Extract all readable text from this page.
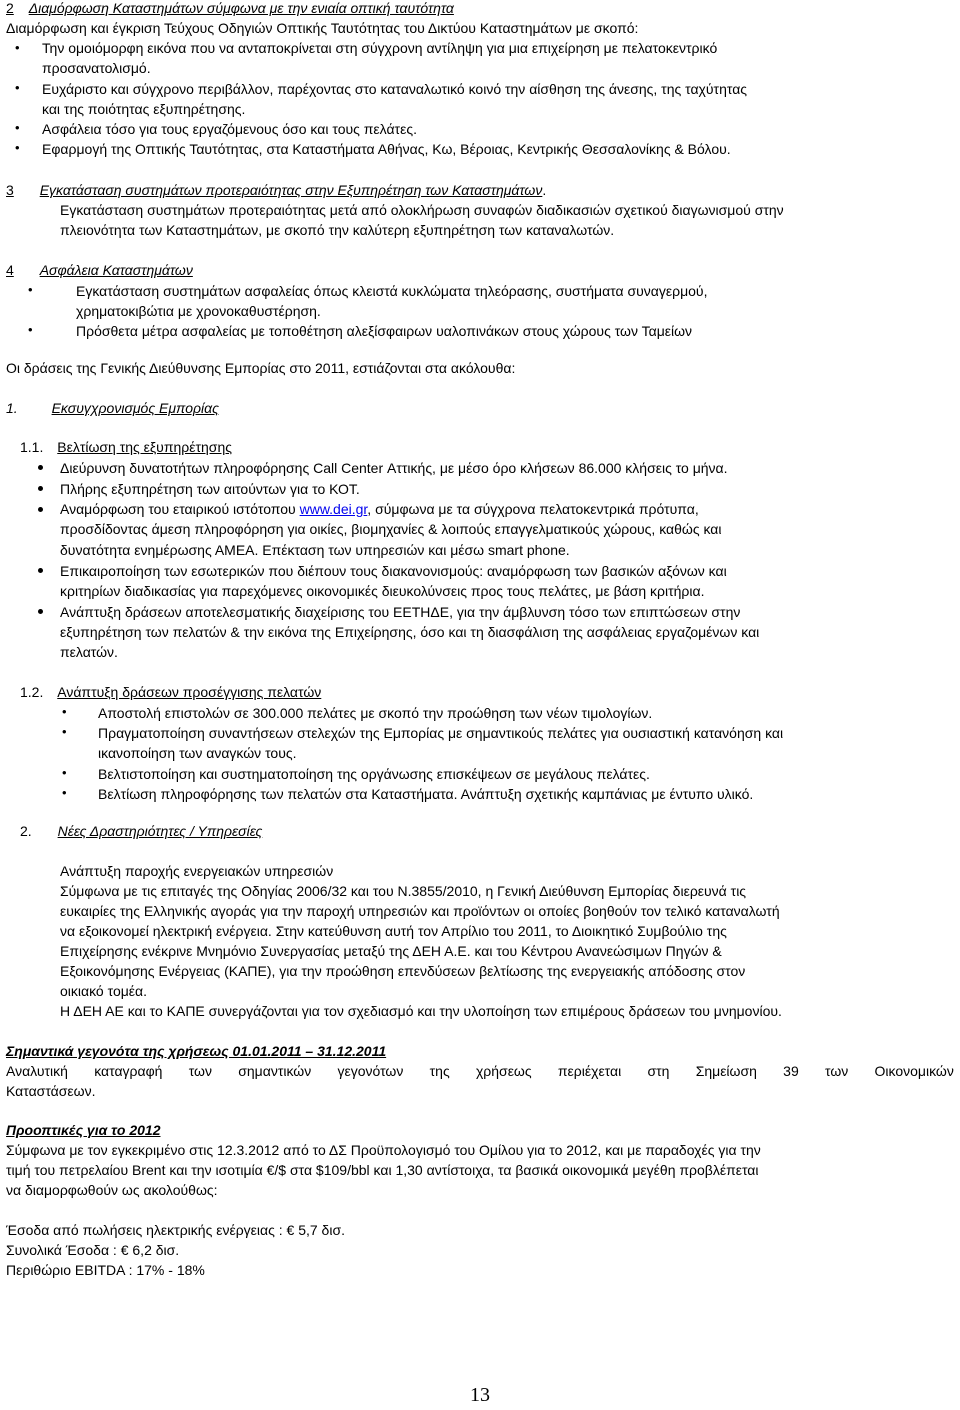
2 Διαμόρφωση Καταστημάτων σύμφωνα με την ενιαία οπτική ταυτότητα
Διαμόρφωση και έγκριση Τεύχους Οδηγιών Οπτικής Ταυτότητας του Δικτύου Καταστημάτων με σκοπό:
• Την ομοιόμορφη εικόνα που να ανταποκρίνεται στη σύγχρονη αντίληψη για μια επιχείρηση με πελατοκεντρικό
προσανατολισμό.
• Ευχάριστο και σύγχρονο περιβάλλον, παρέχοντας στο καταναλωτικό κοινό την αίσθηση της άνεσης, της ταχύτητας
και της ποιότητας εξυπηρέτησης.
• Ασφάλεια τόσο για τους εργαζόμενους όσο και τους πελάτες.
• Εφαρμογή της Οπτικής Ταυτότητας, στα Καταστήματα Αθήνας, Κω, Βέροιας, Κεντρικής Θεσσαλονίκης & Βόλου.
3 Εγκατάσταση συστημάτων προτεραιότητας στην Εξυπηρέτηση των Καταστημάτων.
Εγκατάσταση συστημάτων προτεραιότητας μετά από ολοκλήρωση συναφών διαδικασιών σχετικού διαγωνισμού στην
πλειονότητα των Καταστημάτων, με σκοπό την καλύτερη εξυπηρέτηση των καταναλωτών.
4 Ασφάλεια Καταστημάτων
•	Εγκατάσταση συστημάτων ασφαλείας όπως κλειστά κυκλώματα τηλεόρασης, συστήματα συναγερμού,
χρηματοκιβώτια με χρονοκαθυστέρηση.
•	Πρόσθετα μέτρα ασφαλείας με τοποθέτηση αλεξίσφαιρων υαλοπινάκων στους χώρους των Ταμείων
Οι δράσεις της Γενικής Διεύθυνσης Εμπορίας στο 2011, εστιάζονται στα ακόλουθα:
1. Εκσυγχρονισμός Εμπορίας
1.1. Βελτίωση της εξυπηρέτησης
Διεύρυνση δυνατοτήτων πληροφόρησης Call Center Αττικής, με μέσο όρο κλήσεων 86.000 κλήσεις το μήνα.
Πλήρης εξυπηρέτηση των αιτούντων για το ΚΟΤ.
Αναμόρφωση του εταιρικού ιστότοπου www.dei.gr, σύμφωνα με τα σύγχρονα πελατοκεντρικά πρότυπα,
προσδίδοντας άμεση πληροφόρηση για οικίες, βιομηχανίες & λοιπούς επαγγελματικούς χώρους, καθώς και
δυνατότητα ενημέρωσης ΑΜΕΑ. Επέκταση των υπηρεσιών και μέσω smart phone.
Επικαιροποίηση των εσωτερικών που διέπουν τους διακανονισμούς: αναμόρφωση των βασικών αξόνων και
κριτηρίων διαδικασίας για παρεχόμενες οικονομικές διευκολύνσεις προς τους πελάτες, με βάση κριτήρια.
Ανάπτυξη δράσεων αποτελεσματικής διαχείρισης του ΕΕΤΗΔΕ, για την άμβλυνση τόσο των επιπτώσεων στην
εξυπηρέτηση των πελατών & την εικόνα της Επιχείρησης, όσο και τη διασφάλιση της ασφάλειας εργαζομένων και
πελατών.
1.2. Ανάπτυξη δράσεων προσέγγισης πελατών
• Αποστολή επιστολών σε 300.000 πελάτες με σκοπό την προώθηση των νέων τιμολογίων.
• Πραγματοποίηση συναντήσεων στελεχών της Εμπορίας με σημαντικούς πελάτες για ουσιαστική κατανόηση και
ικανοποίηση των αναγκών τους.
• Βελτιστοποίηση και συστηματοποίηση της οργάνωσης επισκέψεων σε μεγάλους πελάτες.
• Βελτίωση πληροφόρησης των πελατών στα Καταστήματα. Ανάπτυξη σχετικής καμπάνιας με έντυπο υλικό.
2. Νέες Δραστηριότητες / Υπηρεσίες
Ανάπτυξη παροχής ενεργειακών υπηρεσιών
Σύμφωνα με τις επιταγές της Οδηγίας 2006/32 και του Ν.3855/2010, η Γενική Διεύθυνση Εμπορίας διερευνά τις
ευκαιρίες της Ελληνικής αγοράς για την παροχή υπηρεσιών και προϊόντων οι οποίες βοηθούν τον τελικό καταναλωτή
να εξοικονομεί ηλεκτρική ενέργεια. Στην κατεύθυνση αυτή τον Απρίλιο του 2011, το Διοικητικό Συμβούλιο της
Επιχείρησης ενέκρινε Μνημόνιο Συνεργασίας μεταξύ της ΔΕΗ Α.Ε. και του Κέντρου Ανανεώσιμων Πηγών &
Εξοικονόμησης Ενέργειας (ΚΑΠΕ), για την προώθηση επενδύσεων βελτίωσης της ενεργειακής απόδοσης στον
οικιακό τομέα.
Η ΔΕΗ ΑΕ και το ΚΑΠΕ συνεργάζονται για τον σχεδιασμό και την υλοποίηση των επιμέρους δράσεων του μνημονίου.
Σημαντικά γεγονότα της χρήσεως 01.01.2011 – 31.12.2011
Αναλυτική καταγραφή των σημαντικών γεγονότων της χρήσεως περιέχεται στη Σημείωση 39 των Οικονομικών
Καταστάσεων.
Προοπτικές για το 2012
Σύμφωνα με τον εγκεκριμένο στις 12.3.2012 από το ΔΣ Προϋπολογισμό του Ομίλου για το 2012, και με παραδοχές για την
τιμή του πετρελαίου Brent και την ισοτιμία €/$ στα $109/bbl και 1,30 αντίστοιχα, τα βασικά οικονομικά μεγέθη προβλέπεται
να διαμορφωθούν ως ακολούθως:
Έσοδα από πωλήσεις ηλεκτρικής ενέργειας : € 5,7 δισ.
Συνολικά Έσοδα : € 6,2 δισ.
Περιθώριο EBITDA : 17% - 18%
13
